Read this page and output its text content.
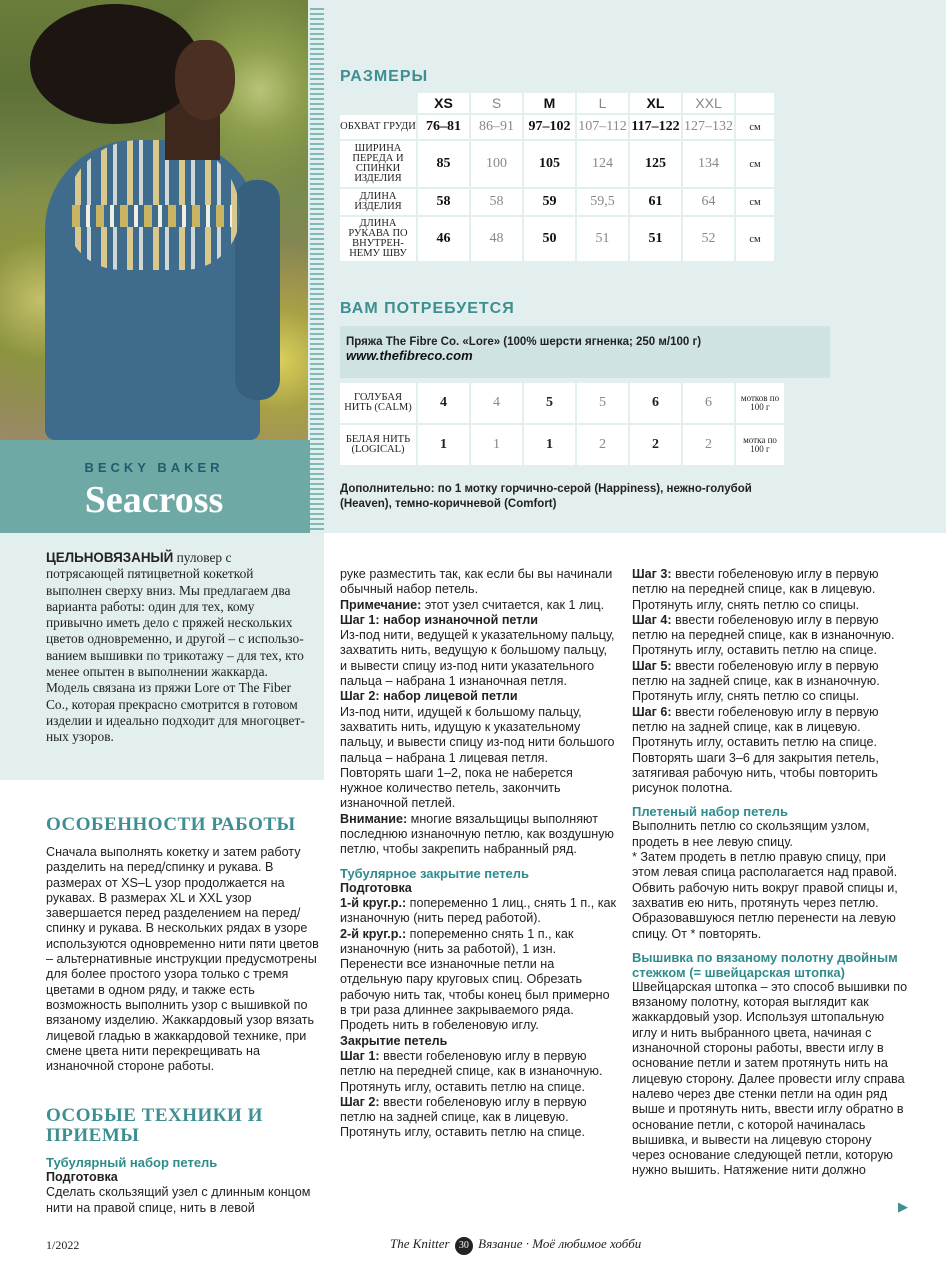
BECKY BAKER
Seacross
ЦЕЛЬНОВЯЗАНЫЙ пуловер с потрясающей пятицветной кокеткой выполнен сверху вниз. Мы предлагаем два варианта работы: один для тех, кому привычно иметь дело с пряжей нескольких цветов одновременно, и другой – с использованием вышивки по трикотажу – для тех, кто менее опытен в выполнении жаккарда. Модель связана из пряжи Lore от The Fiber Co., которая прекрасно смотрится в готовом изделии и идеально подходит для многоцветных узоров.
РАЗМЕРЫ
	XS	S	M	L	XL	XXL	
ОБХВАТ ГРУДИ	76–81	86–91	97–102	107–112	117–122	127–132	см
ШИРИНА ПЕРЕДА И СПИНКИ ИЗДЕЛИЯ	85	100	105	124	125	134	см
ДЛИНА ИЗДЕЛИЯ	58	58	59	59,5	61	64	см
ДЛИНА РУКАВА ПО ВНУТРЕННЕМУ ШВУ	46	48	50	51	51	52	см
ВАМ ПОТРЕБУЕТСЯ
Пряжа The Fibre Co. «Lore» (100% шерсти ягненка; 250 м/100 г)
www.thefibreco.com
ГОЛУБАЯ НИТЬ (CALM)	4	4	5	5	6	6	мотков по 100 г
БЕЛАЯ НИТЬ (LOGICAL)	1	1	1	2	2	2	мотка по 100 г
Дополнительно: по 1 мотку горчично-серой (Happiness), нежно-голубой (Heaven), темно-коричневой (Comfort)
ОСОБЕННОСТИ РАБОТЫ

Сначала выполнять кокетку и затем работу разделить на перед/спинку и рукава. В размерах от XS–L узор продолжается на рукавах. В размерах XL и XXL узор завершается перед разделением на перед/спинку и рукава. В нескольких рядах в узоре используются одновременно нити пяти цветов – альтернативные инструкции предусмотрены для более простого узора только с тремя цветами в одном ряду, и также есть возможность выполнить узор с вышивкой по вязаному изделию. Жаккардовый узор вязать лицевой гладью в жаккардовой технике, при смене цвета нити перекрещивать на изнаночной стороне работы.

ОСОБЫЕ ТЕХНИКИ И ПРИЕМЫ

Тубулярный набор петель

Подготовка

Сделать скользящий узел с длинным концом нити на правой спице, нить в левой

руке разместить так, как если бы вы начинали обычный набор петель.

Примечание: этот узел считается, как 1 лиц.

Шаг 1: набор изнаночной петли

Из-под нити, ведущей к указательному пальцу, захватить нить, ведущую к большому пальцу, и вывести спицу из-под нити указательного пальца – набрана 1 изнаночная петля.

Шаг 2: набор лицевой петли

Из-под нити, идущей к большому пальцу, захватить нить, идущую к указательному пальцу, и вывести спицу из-под нити большого пальца – набрана 1 лицевая петля.

Повторять шаги 1–2, пока не наберется нужное количество петель, закончить изнаночной петлей.

Внимание: многие вязальщицы выполняют последнюю изнаночную петлю, как воздушную петлю, чтобы закрепить набранный ряд.

Тубулярное закрытие петель

Подготовка

1-й круг.р.: попеременно 1 лиц., снять 1 п., как изнаночную (нить перед работой).

2-й круг.р.: попеременно снять 1 п., как изнаночную (нить за работой), 1 изн.

Перенести все изнаночные петли на отдельную пару круговых спиц. Обрезать рабочую нить так, чтобы конец был примерно в три раза длиннее закрываемого ряда. Продеть нить в гобеленовую иглу.

Закрытие петель

Шаг 1: ввести гобеленовую иглу в первую петлю на передней спице, как в изнаночную. Протянуть иглу, оставить петлю на спице.

Шаг 2: ввести гобеленовую иглу в первую петлю на задней спице, как в лицевую. Протянуть иглу, оставить петлю на спице.

Шаг 3: ввести гобеленовую иглу в первую петлю на передней спице, как в лицевую. Протянуть иглу, снять петлю со спицы.

Шаг 4: ввести гобеленовую иглу в первую петлю на передней спице, как в изнаночную. Протянуть иглу, оставить петлю на спице.

Шаг 5: ввести гобеленовую иглу в первую петлю на задней спице, как в изнаночную. Протянуть иглу, снять петлю со спицы.

Шаг 6: ввести гобеленовую иглу в первую петлю на задней спице, как в лицевую. Протянуть иглу, оставить петлю на спице.

Повторять шаги 3–6 для закрытия петель, затягивая рабочую нить, чтобы повторить рисунок полотна.

Плетеный набор петель

Выполнить петлю со скользящим узлом, продеть в нее левую спицу.

* Затем продеть в петлю правую спицу, при этом левая спица располагается над правой. Обвить рабочую нить вокруг правой спицы и, захватив ею нить, протянуть через петлю. Образовавшуюся петлю перенести на левую спицу. От * повторять.

Вышивка по вязаному полотну двойным стежком (= швейцарская штопка)

Швейцарская штопка – это способ вышивки по вязаному полотну, которая выглядит как жаккардовый узор. Используя штопальную иглу и нить выбранного цвета, начиная с изнаночной стороны работы, ввести иглу в основание петли и затем протянуть нить на лицевую сторону. Далее провести иглу справа налево через две стенки петли на один ряд выше и протянуть нить, ввести иглу обратно в основание петли, с которой начиналась вышивка, и вывести на лицевую сторону через основание следующей петли, которую нужно вышить. Натяжение нити должно

▶
1/2022	The Knitter 30 Вязание · Моё любимое хобби
